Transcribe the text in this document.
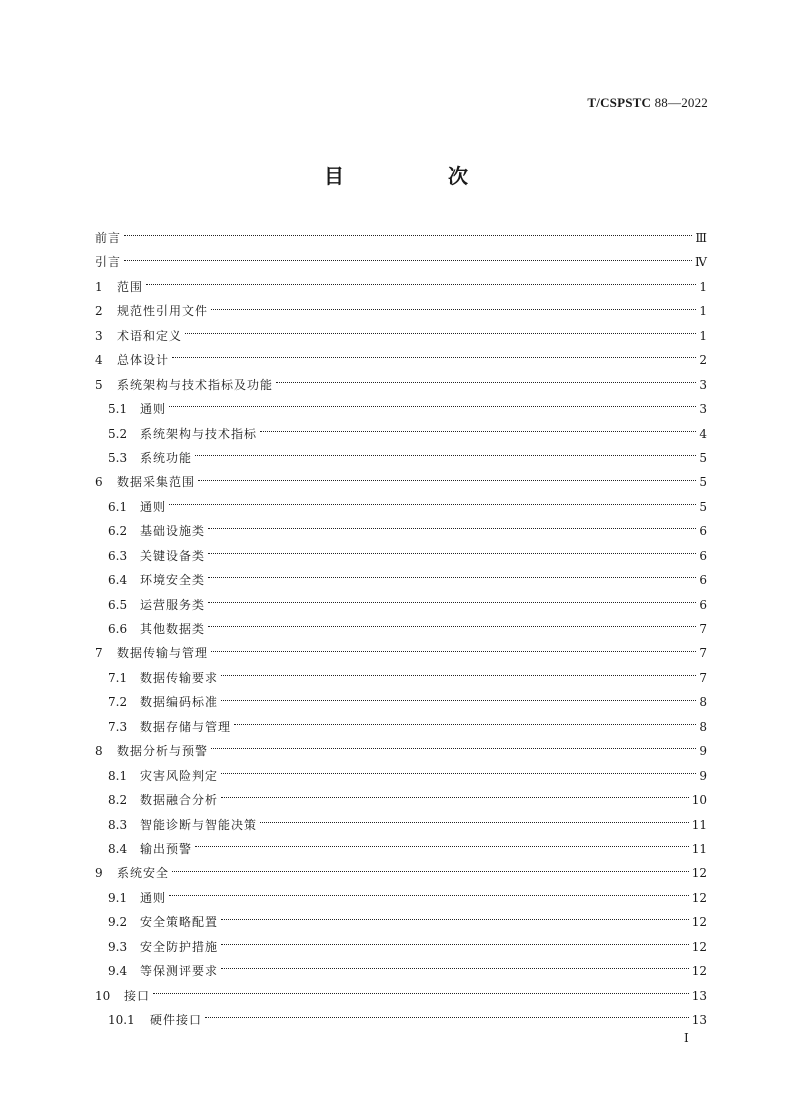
T/CSPSTC 88—2022
目　次
前言	Ⅲ
引言	Ⅳ
1	范围	1
2	规范性引用文件	1
3	术语和定义	1
4	总体设计	2
5	系统架构与技术指标及功能	3
5.1 通则	3
5.2 系统架构与技术指标	4
5.3 系统功能	5
6	数据采集范围	5
6.1 通则	5
6.2 基础设施类	6
6.3 关键设备类	6
6.4 环境安全类	6
6.5 运营服务类	6
6.6 其他数据类	7
7	数据传输与管理	7
7.1 数据传输要求	7
7.2 数据编码标准	8
7.3 数据存储与管理	8
8	数据分析与预警	9
8.1 灾害风险判定	9
8.2 数据融合分析	10
8.3 智能诊断与智能决策	11
8.4 输出预警	11
9	系统安全	12
9.1 通则	12
9.2 安全策略配置	12
9.3 安全防护措施	12
9.4 等保测评要求	12
10	接口	13
10.1	硬件接口	13
Ⅰ
